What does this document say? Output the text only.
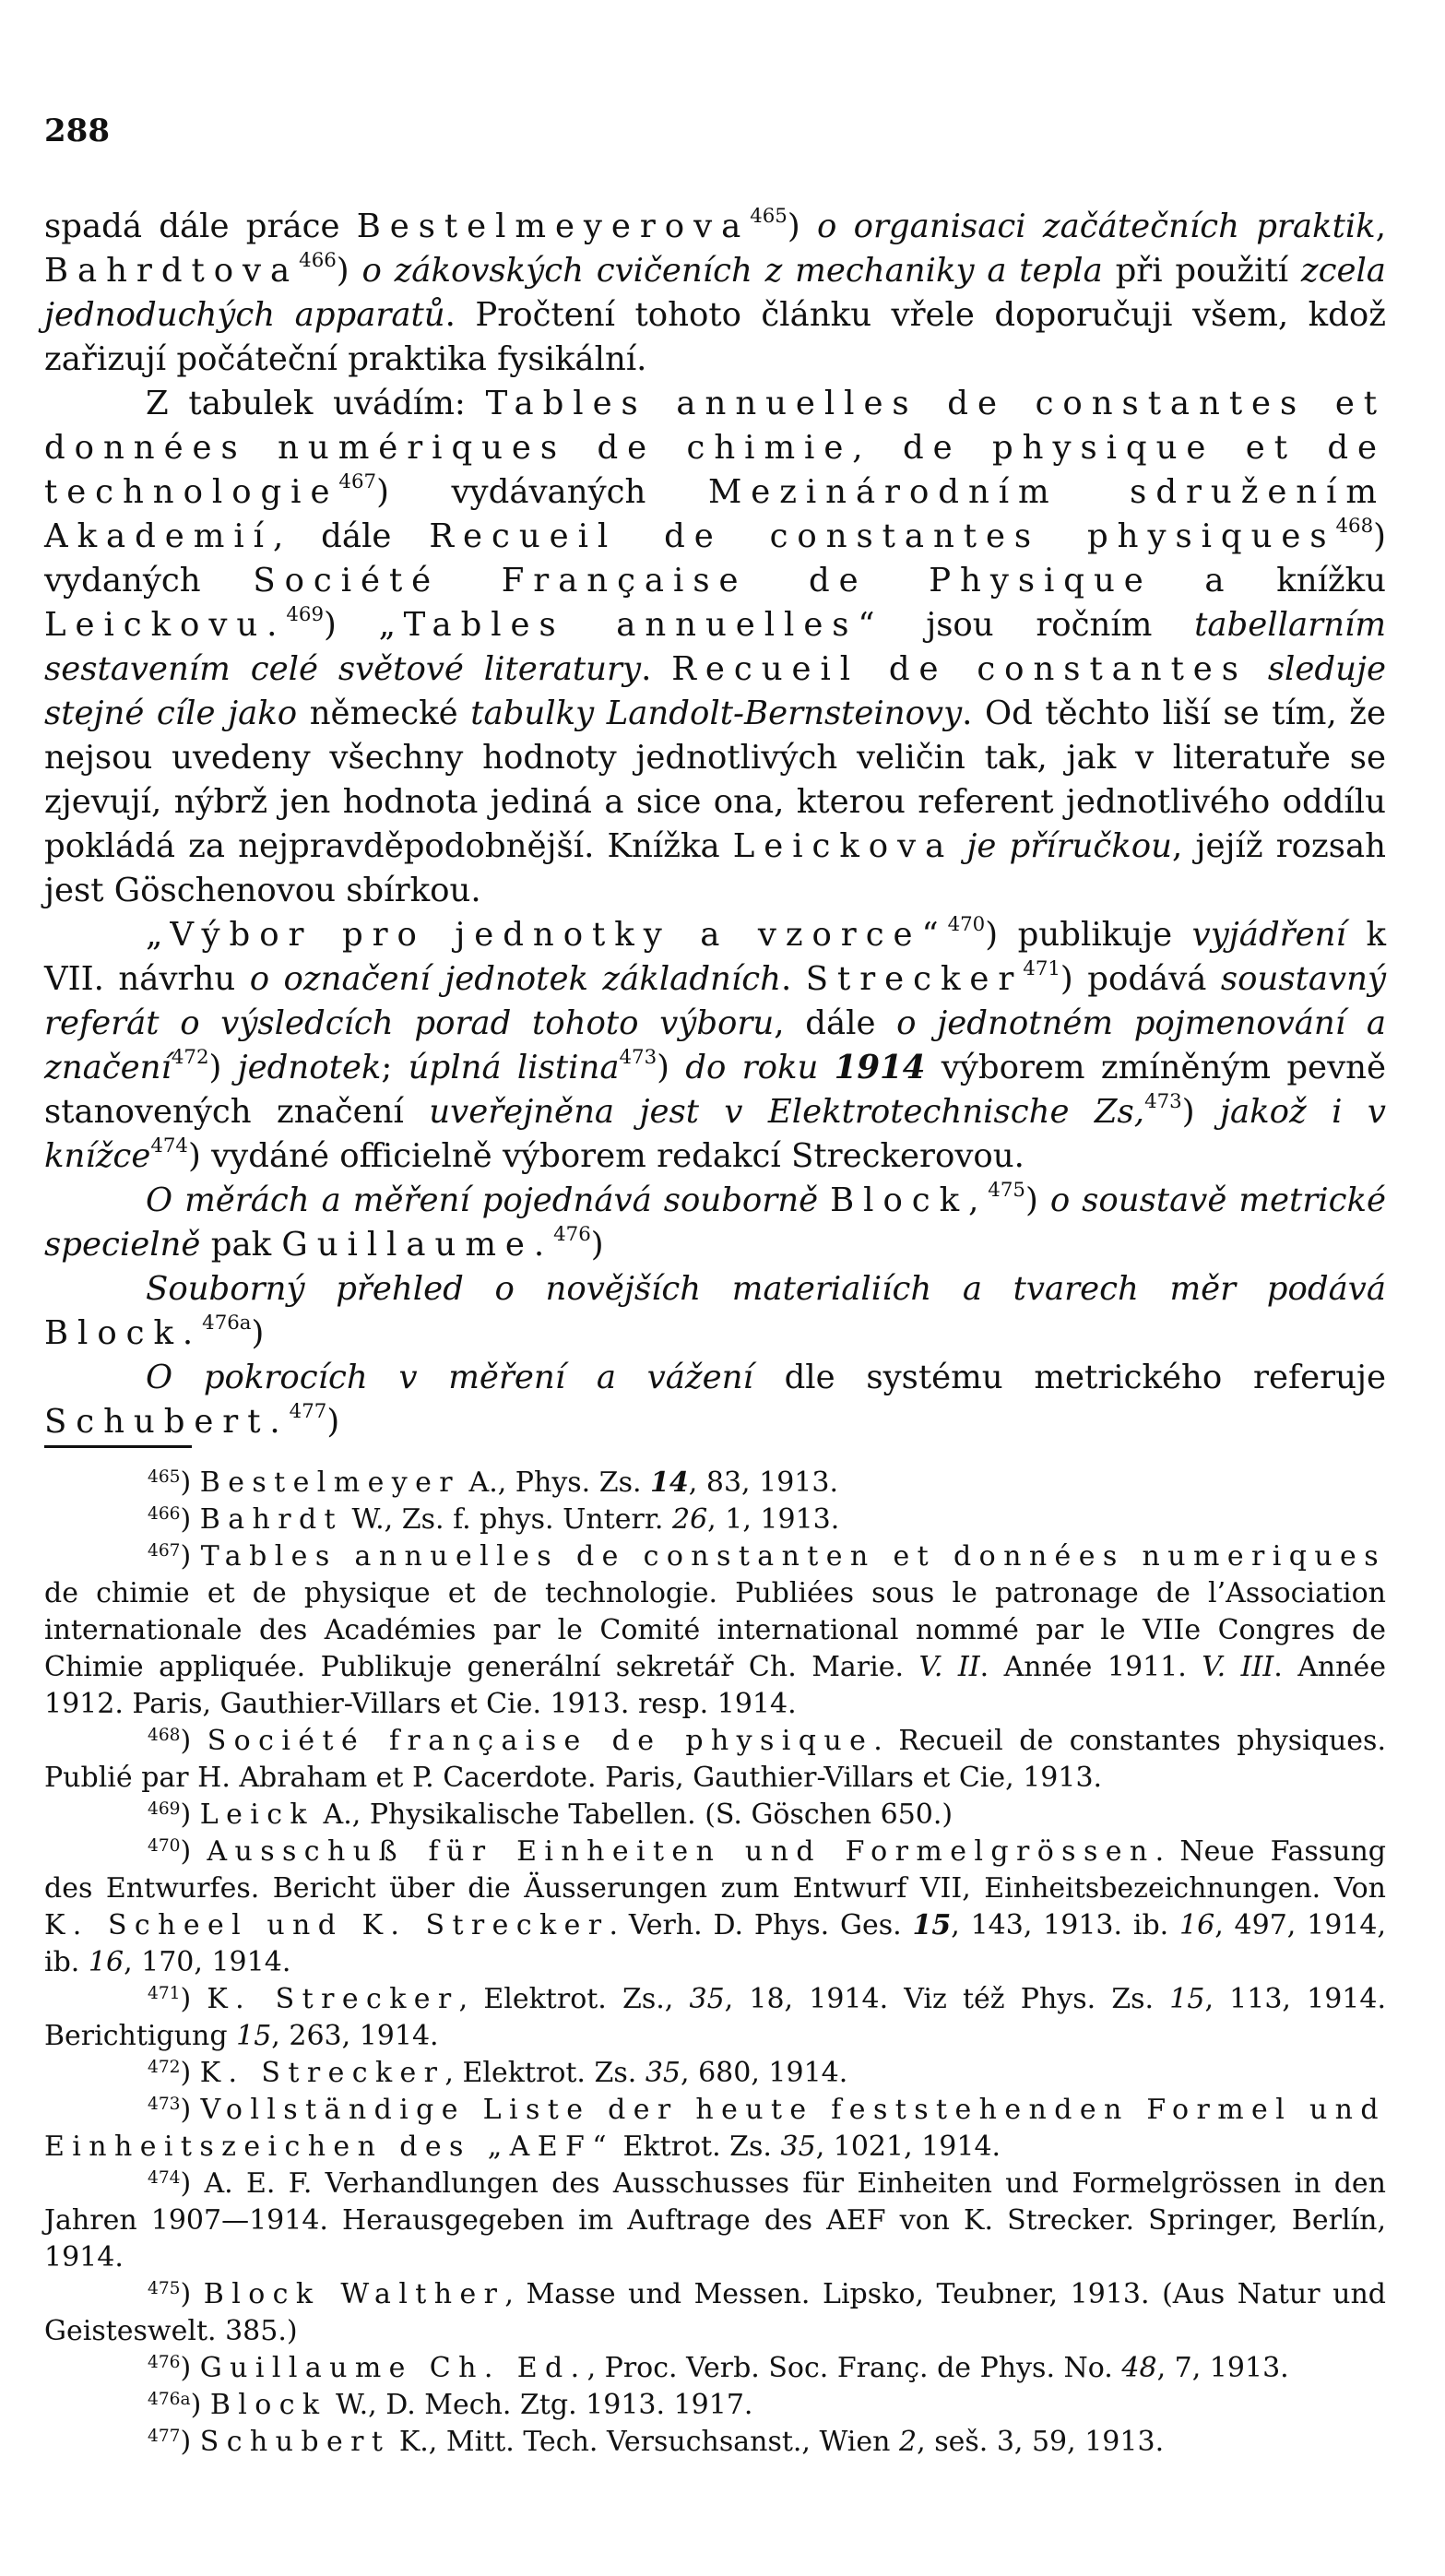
288

spadá dále práce Bestelmeyerova$^{465}$) o organisaci začátečních praktik, Bahrdtova$^{466}$) o zákovských cvičeních z mechaniky a tepla při použití zcela jednoduchých apparatů. Pročtení tohoto článku vřele doporučuji všem, kdož zařizují počáteční praktika fysikální.

Z tabulek uvádím: Tables annuelles de constantes et données numériques de chimie, de physique et de technologie$^{467}$) vydávaných Mezinárodním sdružením Akademií, dále Recueil de constantes physiques$^{468}$) vydaných Société Française de Physique a knížku Leickovu.$^{469}$) „Tables annuelles“ jsou ročním tabellarním sestavením celé světové literatury. Recueil de constantes sleduje stejné cíle jako německé tabulky Landolt-Bernsteinovy. Od těchto liší se tím, že nejsou uvedeny všechny hodnoty jednotlivých veličin tak, jak v literatuře se zjevují, nýbrž jen hodnota jediná a sice ona, kterou referent jednotlivého oddílu pokládá za nejpravděpodobnější. Knížka Leickova je příručkou, jejíž rozsah jest Göschenovou sbírkou.

„Výbor pro jednotky a vzorce“$^{470}$) publikuje vyjádření k VII. návrhu o označení jednotek základních. Strecker$^{471}$) podává soustavný referát o výsledcích porad tohoto výboru, dále o jednotném pojmenování a značení$^{472}$) jednotek; úplná listina$^{473}$) do roku 1914 výborem zmíněným pevně stanovených značení uveřejněna jest v Elektrotechnische Zs,$^{473}$) jakož i v knížce$^{474}$) vydáné officielně výborem redakcí Streckerovou.

O měrách a měření pojednává souborně Block,$^{475}$) o soustavě metrické specielně pak Guillaume.$^{476}$)

Souborný přehled o novějších materialiích a tvarech měr podává Block.$^{476a}$)

O pokrocích v měření a vážení dle systému metrického referuje Schubert.$^{477}$)

$^{465}$) Bestelmeyer A., Phys. Zs. 14, 83, 1913.

$^{466}$) Bahrdt W., Zs. f. phys. Unterr. 26, 1, 1913.

$^{467}$) Tables annuelles de constanten et données numeriques de chimie et de physique et de technologie. Publiées sous le patronage de l’Association internationale des Académies par le Comité international nommé par le VIIe Congres de Chimie appliquée. Publikuje generální sekretář Ch. Marie. V. II. Année 1911. V. III. Année 1912. Paris, Gauthier-Villars et Cie. 1913. resp. 1914.

$^{468}$) Société française de physique. Recueil de constantes physiques. Publié par H. Abraham et P. Cacerdote. Paris, Gauthier-Villars et Cie, 1913.

$^{469}$) Leick A., Physikalische Tabellen. (S. Göschen 650.)

$^{470}$) Ausschuß für Einheiten und Formelgrössen. Neue Fassung des Entwurfes. Bericht über die Äusserungen zum Entwurf VII, Einheitsbezeichnungen. Von K. Scheel und K. Strecker. Verh. D. Phys. Ges. 15, 143, 1913. ib. 16, 497, 1914, ib. 16, 170, 1914.

$^{471}$) K. Strecker, Elektrot. Zs., 35, 18, 1914. Viz též Phys. Zs. 15, 113, 1914. Berichtigung 15, 263, 1914.

$^{472}$) K. Strecker, Elektrot. Zs. 35, 680, 1914.

$^{473}$) Vollständige Liste der heute feststehenden Formel und Einheitszeichen des „AEF“ Ektrot. Zs. 35, 1021, 1914.

$^{474}$) A. E. F. Verhandlungen des Ausschusses für Einheiten und Formelgrössen in den Jahren 1907—1914. Herausgegeben im Auftrage des AEF von K. Strecker. Springer, Berlín, 1914.

$^{475}$) Block Walther, Masse und Messen. Lipsko, Teubner, 1913. (Aus Natur und Geisteswelt. 385.)

$^{476}$) Guillaume Ch. Ed., Proc. Verb. Soc. Franç. de Phys. No. 48, 7, 1913.

$^{476a}$) Block W., D. Mech. Ztg. 1913. 1917.

$^{477}$) Schubert K., Mitt. Tech. Versuchsanst., Wien 2, seš. 3, 59, 1913.
